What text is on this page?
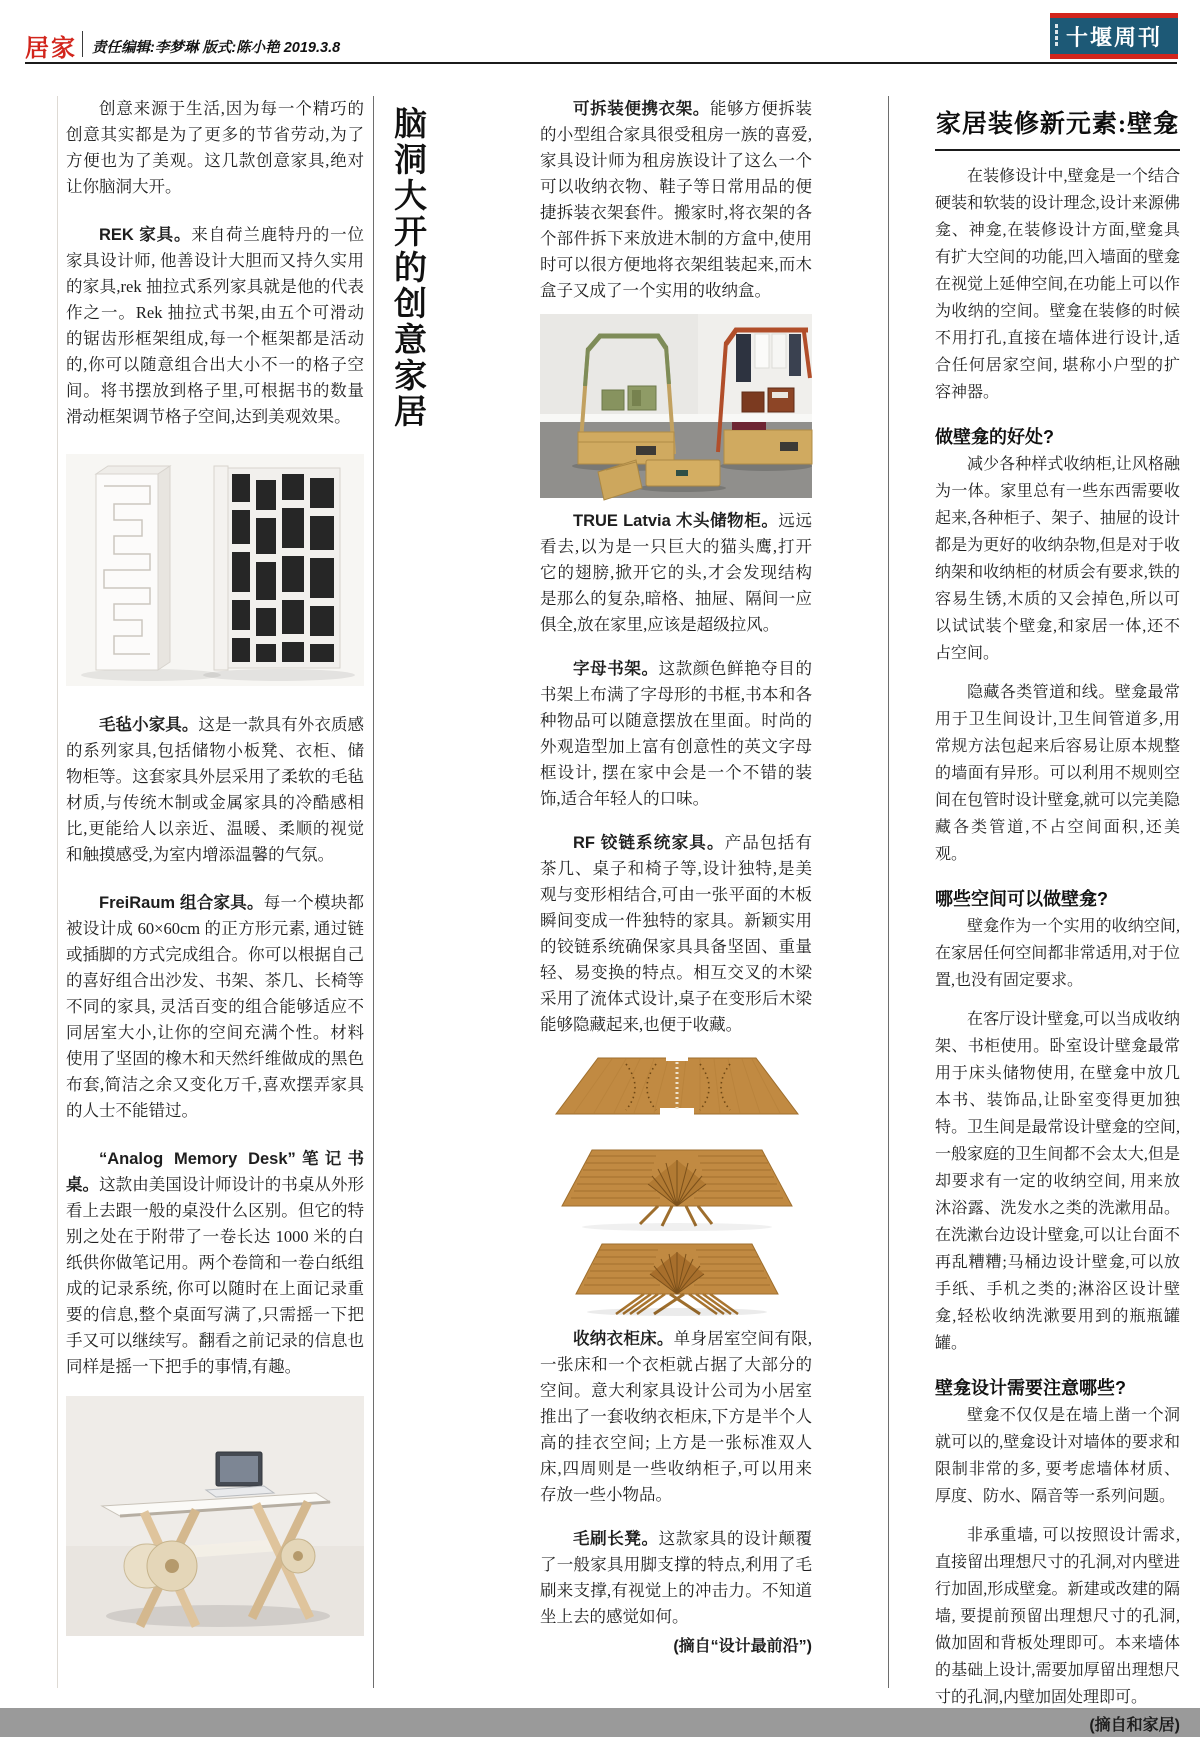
居家 责任编辑:李梦琳 版式:陈小艳 2019.3.8	十堰周刊
脑洞大开的创意家居

创意来源于生活,因为每一个精巧的创意其实都是为了更多的节省劳动,为了方便也为了美观。这几款创意家具,绝对让你脑洞大开。

REK 家具。来自荷兰鹿特丹的一位家具设计师, 他善设计大胆而又持久实用的家具,rek 抽拉式系列家具就是他的代表作之一。Rek 抽拉式书架,由五个可滑动的锯齿形框架组成,每一个框架都是活动的,你可以随意组合出大小不一的格子空间。将书摆放到格子里,可根据书的数量滑动框架调节格子空间,达到美观效果。

毛毡小家具。这是一款具有外衣质感的系列家具,包括储物小板凳、衣柜、储物柜等。这套家具外层采用了柔软的毛毡材质,与传统木制或金属家具的冷酷感相比,更能给人以亲近、温暖、柔顺的视觉和触摸感受,为室内增添温馨的气氛。

FreiRaum 组合家具。每一个模块都被设计成 60×60cm 的正方形元素, 通过链或插脚的方式完成组合。你可以根据自己的喜好组合出沙发、书架、茶几、长椅等不同的家具, 灵活百变的组合能够适应不同居室大小,让你的空间充满个性。材料使用了坚固的橡木和天然纤维做成的黑色布套,简洁之余又变化万千,喜欢摆弄家具的人士不能错过。

“Analog Memory Desk”笔记书桌。这款由美国设计师设计的书桌从外形看上去跟一般的桌没什么区别。但它的特别之处在于附带了一卷长达 1000 米的白纸供你做笔记用。两个卷筒和一卷白纸组成的记录系统, 你可以随时在上面记录重要的信息,整个桌面写满了,只需摇一下把手又可以继续写。翻看之前记录的信息也同样是摇一下把手的事情,有趣。

可拆装便携衣架。能够方便拆装的小型组合家具很受租房一族的喜爱,家具设计师为租房族设计了这么一个可以收纳衣物、鞋子等日常用品的便捷拆装衣架套件。搬家时,将衣架的各个部件拆下来放进木制的方盒中,使用时可以很方便地将衣架组装起来,而木盒子又成了一个实用的收纳盒。

TRUE Latvia 木头储物柜。远远看去,以为是一只巨大的猫头鹰,打开它的翅膀,掀开它的头,才会发现结构是那么的复杂,暗格、抽屉、隔间一应俱全,放在家里,应该是超级拉风。

字母书架。这款颜色鲜艳夺目的书架上布满了字母形的书框,书本和各种物品可以随意摆放在里面。时尚的外观造型加上富有创意性的英文字母框设计, 摆在家中会是一个不错的装饰,适合年轻人的口味。

RF 铰链系统家具。产品包括有茶几、桌子和椅子等,设计独特,是美观与变形相结合,可由一张平面的木板瞬间变成一件独特的家具。新颖实用的铰链系统确保家具具备坚固、重量轻、易变换的特点。相互交叉的木梁采用了流体式设计,桌子在变形后木梁能够隐藏起来,也便于收藏。

收纳衣柜床。单身居室空间有限,一张床和一个衣柜就占据了大部分的空间。意大利家具设计公司为小居室推出了一套收纳衣柜床,下方是半个人高的挂衣空间; 上方是一张标准双人床,四周则是一些收纳柜子,可以用来存放一些小物品。

毛刷长凳。这款家具的设计颠覆了一般家具用脚支撑的特点,利用了毛刷来支撑,有视觉上的冲击力。不知道坐上去的感觉如何。

(摘自“设计最前沿”)

家居装修新元素:壁龛

在装修设计中,壁龛是一个结合硬装和软装的设计理念,设计来源佛龛、神龛,在装修设计方面,壁龛具有扩大空间的功能,凹入墙面的壁龛在视觉上延伸空间,在功能上可以作为收纳的空间。壁龛在装修的时候不用打孔,直接在墙体进行设计,适合任何居家空间, 堪称小户型的扩容神器。

做壁龛的好处?

减少各种样式收纳柜,让风格融为一体。家里总有一些东西需要收起来,各种柜子、架子、抽屉的设计都是为更好的收纳杂物,但是对于收纳架和收纳柜的材质会有要求,铁的容易生锈,木质的又会掉色,所以可以试试装个壁龛,和家居一体,还不占空间。

隐藏各类管道和线。壁龛最常用于卫生间设计,卫生间管道多,用常规方法包起来后容易让原本规整的墙面有异形。可以利用不规则空间在包管时设计壁龛,就可以完美隐藏各类管道,不占空间面积,还美观。

哪些空间可以做壁龛?

壁龛作为一个实用的收纳空间,在家居任何空间都非常适用,对于位置,也没有固定要求。

在客厅设计壁龛,可以当成收纳架、书柜使用。卧室设计壁龛最常用于床头储物使用, 在壁龛中放几本书、装饰品,让卧室变得更加独特。卫生间是最常设计壁龛的空间,一般家庭的卫生间都不会太大,但是却要求有一定的收纳空间, 用来放沐浴露、洗发水之类的洗漱用品。在洗漱台边设计壁龛,可以让台面不再乱糟糟;马桶边设计壁龛,可以放手纸、手机之类的;淋浴区设计壁龛,轻松收纳洗漱要用到的瓶瓶罐罐。

壁龛设计需要注意哪些?

壁龛不仅仅是在墙上凿一个洞就可以的,壁龛设计对墙体的要求和限制非常的多, 要考虑墙体材质、厚度、防水、隔音等一系列问题。

非承重墙, 可以按照设计需求,直接留出理想尺寸的孔洞,对内壁进行加固,形成壁龛。新建或改建的隔墙, 要提前预留出理想尺寸的孔洞,做加固和背板处理即可。本来墙体的基础上设计,需要加厚留出理想尺寸的孔洞,内壁加固处理即可。

(摘自和家居)
